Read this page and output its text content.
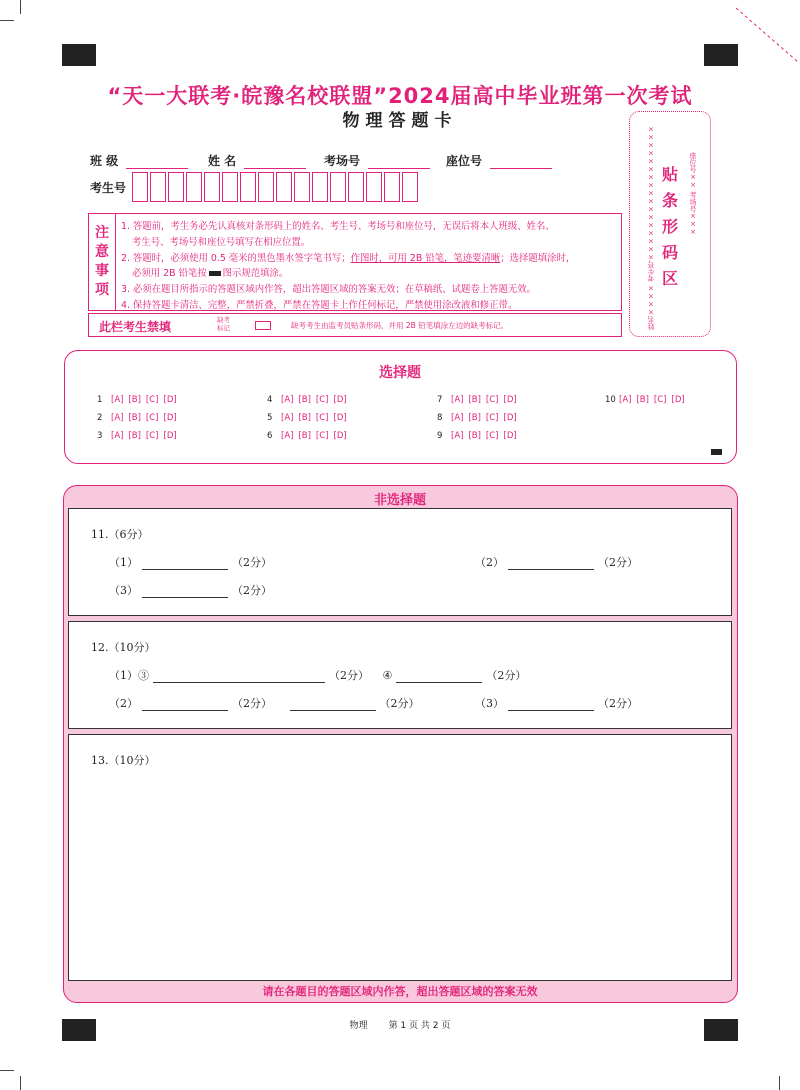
“天一大联考·皖豫名校联盟”2024届高中毕业班第一次考试
物理答题卡
班 级	姓 名	考场号	座位号
考生号
注
意
事
项

1. 答题前，考生务必先认真核对条形码上的姓名、考生号、考场号和座位号，无误后将本人班级、姓名、

考生号、考场号和座位号填写在相应位置。

2. 答题时，必须使用 0.5 毫米的黑色墨水签字笔书写；作图时，可用 2B 铅笔，笔迹要清晰；选择题填涂时，

必须用 2B 铅笔按 图示规范填涂。

3. 必须在题目所指示的答题区域内作答，超出答题区域的答案无效；在草稿纸、试题卷上答题无效。

4. 保持答题卡清洁、完整，严禁折叠，严禁在答题卡上作任何标记，严禁使用涂改液和修正带。

此栏考生禁填	缺考
标记	缺考考生由监考员贴条形码，并用 2B 铅笔填涂左边的缺考标记。	姓名×××× 考生号××××××××××××××××× 贴条形码区
座位号×× 考场号×××
选择题
1 [A] [B] [C] [D]
2 [A] [B] [C] [D]
3 [A] [B] [C] [D]
4 [A] [B] [C] [D]
5 [A] [B] [C] [D]
6 [A] [B] [C] [D]
7 [A] [B] [C] [D]
8 [A] [B] [C] [D]
9 [A] [B] [C] [D]
10 [A] [B] [C] [D]
非选择题
11.（6分）
（1）	（2分）	（2）	（2分）
（3）	（2分）
12.（10分）
（1）③	（2分） ④	（2分）
（2）	（2分）	（2分）	（3）	（2分）
13.（10分）
请在各题目的答题区域内作答，超出答题区域的答案无效
物理 第 1 页 共 2 页
